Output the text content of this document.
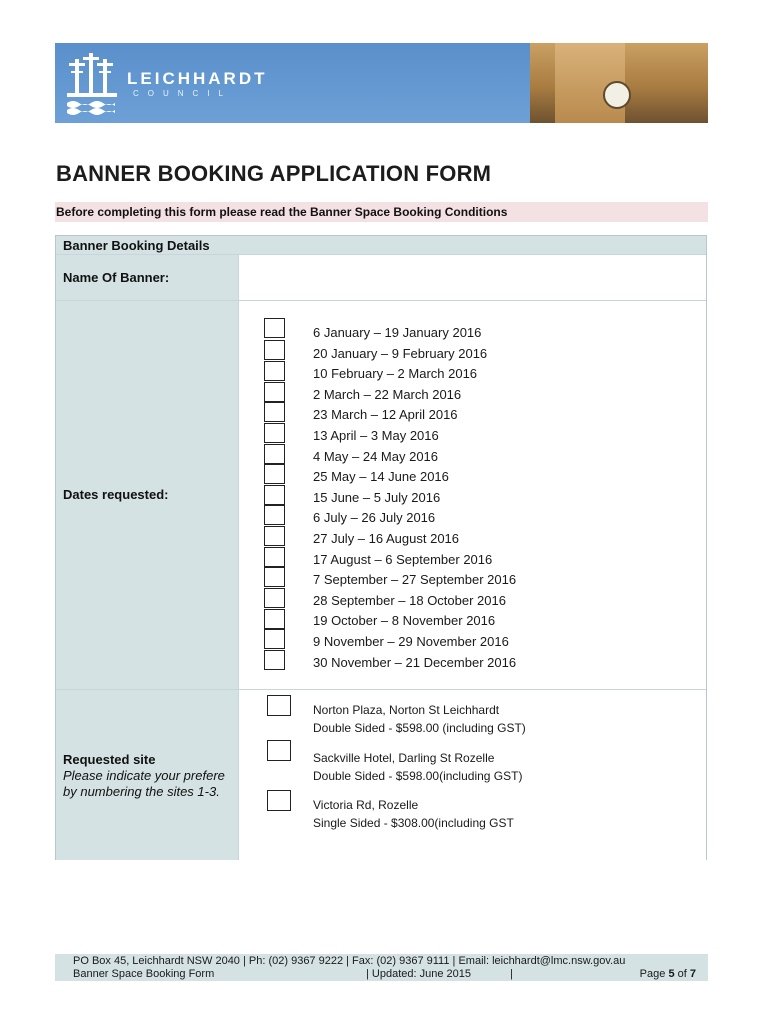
LEICHHARDT
COUNCIL
BANNER BOOKING APPLICATION FORM
Before completing this form please read the Banner Space Booking Conditions
Banner Booking Details
Name Of Banner:
Dates requested:
6 January – 19 January 2016
20 January – 9 February 2016
10 February – 2 March 2016
2 March – 22 March 2016
23 March – 12 April 2016
13 April – 3 May 2016
4 May – 24 May 2016
25 May – 14 June 2016
15 June – 5 July 2016
6 July – 26 July 2016
27 July – 16 August 2016
17 August – 6 September 2016
7 September – 27 September 2016
28 September – 18 October 2016
19 October – 8 November 2016
9 November – 29 November 2016
30 November – 21 December 2016
Requested site
Please indicate your prefere
by numbering the sites 1-3.
Norton Plaza, Norton St Leichhardt
Double Sided - $598.00 (including GST)
Sackville Hotel, Darling St Rozelle
Double Sided - $598.00(including GST)
Victoria Rd, Rozelle
Single Sided - $308.00(including GST
PO Box 45, Leichhardt NSW 2040 | Ph: (02) 9367 9222 | Fax: (02) 9367 9111 | Email: leichhardt@lmc.nsw.gov.au
Banner Space Booking Form	| Updated: June 2015	|	Page 5 of 7
